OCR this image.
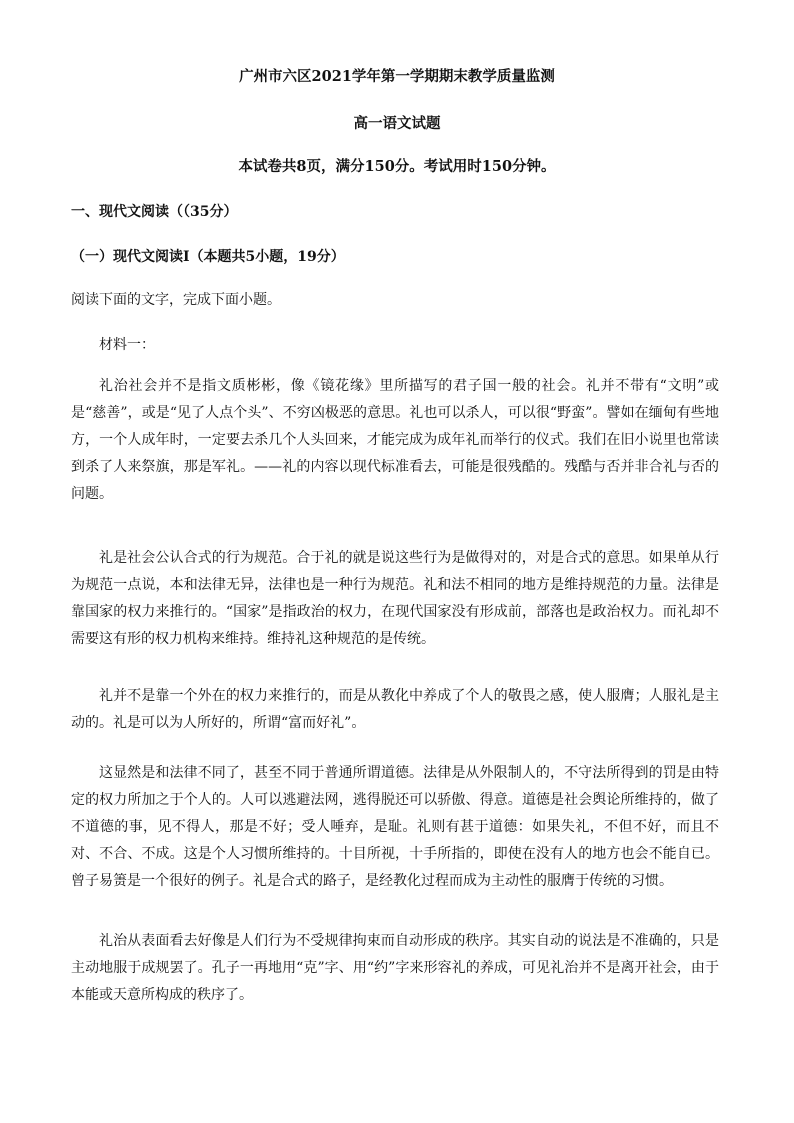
广州市六区2021学年第一学期期末教学质量监测
高一语文试题
本试卷共8页，满分150分。考试用时150分钟。
一、现代文阅读（（35分）
（一）现代文阅读Ⅰ（本题共5小题，19分）
阅读下面的文字，完成下面小题。
材料一：

礼治社会并不是指文质彬彬，像《镜花缘》里所描写的君子国一般的社会。礼并不带有“文明”或是“慈善”，或是“见了人点个头”、不穷凶极恶的意思。礼也可以杀人，可以很“野蛮”。譬如在缅甸有些地方，一个人成年时，一定要去杀几个人头回来，才能完成为成年礼而举行的仪式。我们在旧小说里也常读到杀了人来祭旗，那是军礼。——礼的内容以现代标准看去，可能是很残酷的。残酷与否并非合礼与否的问题。

礼是社会公认合式的行为规范。合于礼的就是说这些行为是做得对的，对是合式的意思。如果单从行为规范一点说，本和法律无异，法律也是一种行为规范。礼和法不相同的地方是维持规范的力量。法律是靠国家的权力来推行的。“国家”是指政治的权力，在现代国家没有形成前，部落也是政治权力。而礼却不需要这有形的权力机构来维持。维持礼这种规范的是传统。

礼并不是靠一个外在的权力来推行的，而是从教化中养成了个人的敬畏之感，使人服膺；人服礼是主动的。礼是可以为人所好的，所谓“富而好礼”。

这显然是和法律不同了，甚至不同于普通所谓道德。法律是从外限制人的，不守法所得到的罚是由特定的权力所加之于个人的。人可以逃避法网，逃得脱还可以骄傲、得意。道德是社会舆论所维持的，做了不道德的事，见不得人，那是不好；受人唾弃，是耻。礼则有甚于道德：如果失礼，不但不好，而且不对、不合、不成。这是个人习惯所维持的。十目所视，十手所指的，即使在没有人的地方也会不能自已。曾子易箦是一个很好的例子。礼是合式的路子，是经教化过程而成为主动性的服膺于传统的习惯。

礼治从表面看去好像是人们行为不受规律拘束而自动形成的秩序。其实自动的说法是不准确的，只是主动地服于成规罢了。孔子一再地用“克”字、用“约”字来形容礼的养成，可见礼治并不是离开社会，由于本能或天意所构成的秩序了。
